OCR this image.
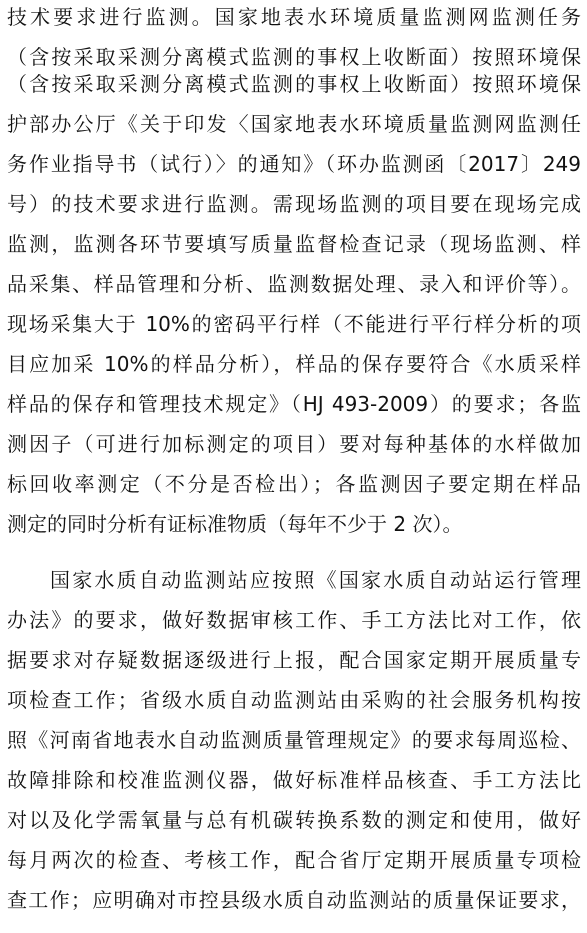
技术要求进行监测。国家地表水环境质量监测网监测任务
（含按采取采测分离模式监测的事权上收断面）按照环境保
（含按采取采测分离模式监测的事权上收断面）按照环境保
护部办公厅《关于印发〈国家地表水环境质量监测网监测任
务作业指导书（试行）〉的通知》（环办监测函〔2017〕249
号）的技术要求进行监测。需现场监测的项目要在现场完成
监测，监测各环节要填写质量监督检查记录（现场监测、样
品采集、样品管理和分析、监测数据处理、录入和评价等）。
现场采集大于 10%的密码平行样（不能进行平行样分析的项
目应加采 10%的样品分析），样品的保存要符合《水质采样
样品的保存和管理技术规定》（HJ 493-2009）的要求；各监
测因子（可进行加标测定的项目）要对每种基体的水样做加
标回收率测定（不分是否检出）；各监测因子要定期在样品
测定的同时分析有证标准物质（每年不少于 2 次）。
国家水质自动监测站应按照《国家水质自动站运行管理
办法》的要求，做好数据审核工作、手工方法比对工作，依
据要求对存疑数据逐级进行上报，配合国家定期开展质量专
项检查工作；省级水质自动监测站由采购的社会服务机构按
照《河南省地表水自动监测质量管理规定》的要求每周巡检、
故障排除和校准监测仪器，做好标准样品核查、手工方法比
对以及化学需氧量与总有机碳转换系数的测定和使用，做好
每月两次的检查、考核工作，配合省厅定期开展质量专项检
查工作；应明确对市控县级水质自动监测站的质量保证要求，
